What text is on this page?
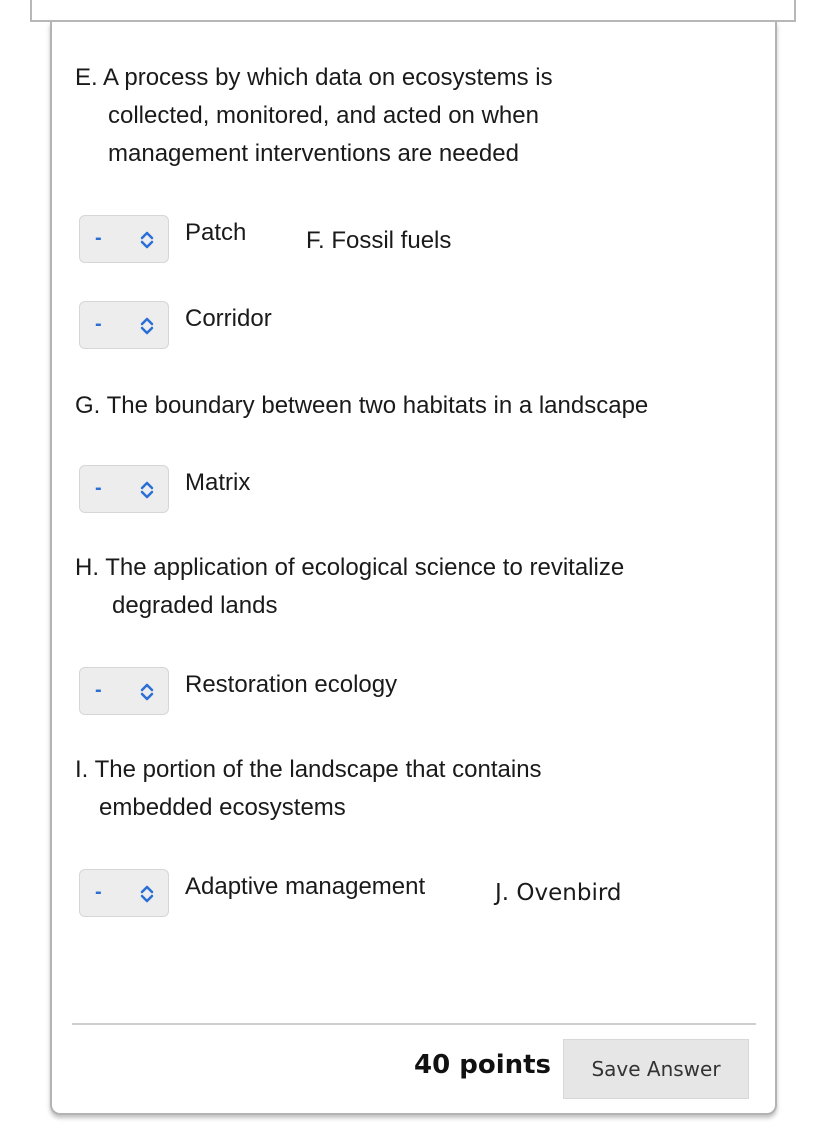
E. A process by which data on ecosystems is
collected, monitored, and acted on when
management interventions are needed
-	Patch F. Fossil fuels
-	Corridor
G. The boundary between two habitats in a landscape
-	Matrix
H. The application of ecological science to revitalize
degraded lands
-	Restoration ecology
I. The portion of the landscape that contains
embedded ecosystems
-	Adaptive management	J. Ovenbird
40 points	Save Answer
